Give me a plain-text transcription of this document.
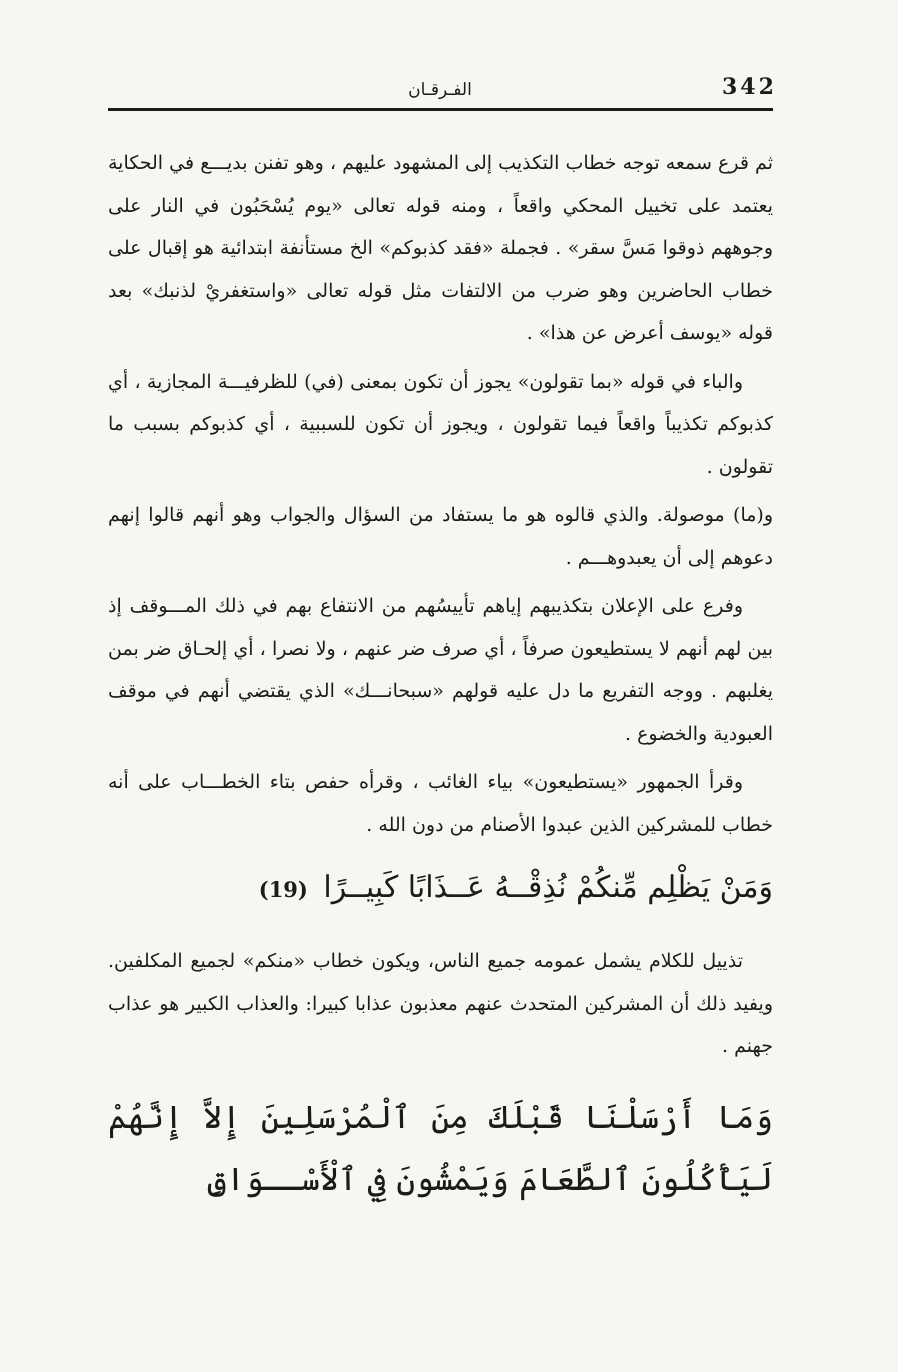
342
الفـرقـان

ثم قرع سمعه توجه خطاب التكذيب إلى المشهود عليهم ، وهو تفنن بديـــع في الحكاية يعتمد على تخييل المحكي واقعاً ، ومنه قوله تعالى «يوم يُسْحَبُون في النار على وجوههم ذوقوا مَسَّ سقر» . فجملة «فقد كذبوكم» الخ مستأنفة ابتدائية هو إقبال على خطاب الحاضرين وهو ضرب من الالتفات مثل قوله تعالى «واستغفريْ لذنبك» بعد قوله «يوسف أعرض عن هذا» .

والباء في قوله «بما تقولون» يجوز أن تكون بمعنى (في) للظرفيـــة المجازية ، أي كذبوكم تكذيباً واقعاً فيما تقولون ، ويجوز أن تكون للسببية ، أي كذبوكم بسبب ما تقولون .

و(ما) موصولة. والذي قالوه هو ما يستفاد من السؤال والجواب وهو أنهم قالوا إنهم دعوهم إلى أن يعبدوهـــم .

وفرع على الإعلان بتكذيبهم إياهم تأييسُهم من الانتفاع بهم في ذلك المـــوقف إذ بين لهم أنهم لا يستطيعون صرفاً ، أي صرف ضر عنهم ، ولا نصرا ، أي إلحـاق ضر بمن يغلبهم . ووجه التفريع ما دل عليه قولهم «سبحانـــك» الذي يقتضي أنهم في موقف العبودية والخضوع .

وقرأ الجمهور «يستطيعون» بياء الغائب ، وقرأه حفص بتاء الخطـــاب على أنه خطاب للمشركين الذين عبدوا الأصنام من دون الله .

وَمَنْ يَظْلِم مِّنكُمْ نُذِقْــهُ عَــذَابًا كَبِيــرًا (19)

تذييل للكلام يشمل عمومه جميع الناس، ويكون خطاب «منكم» لجميع المكلفين. ويفيد ذلك أن المشركين المتحدث عنهم معذبون عذابا كبيرا: والعذاب الكبير هو عذاب جهنم .

وَمَا أَرْسَلْنَا قَبْلَكَ مِنَ ٱلْمُرْسَلِينَ إِلاَّ إِنَّهُمْ لَيَأْكُلُونَ ٱلطَّعَامَ وَيَمْشُونَ فِي ٱلْأَسْــوَاقِ
